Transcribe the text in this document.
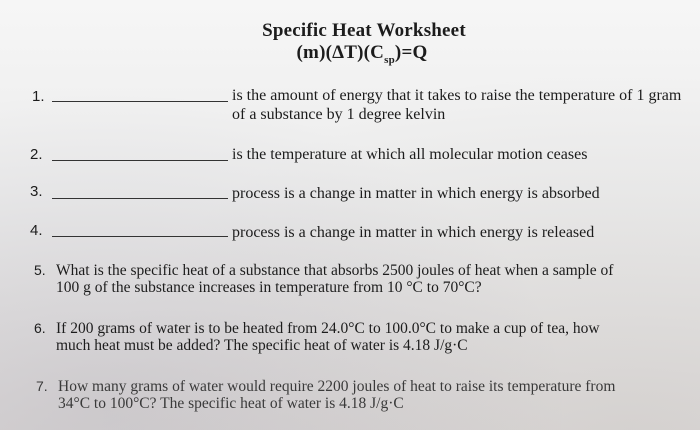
Specific Heat Worksheet
$(m)(\Delta T)(C_{sp})=Q$
1.	is the amount of energy that it takes to raise the temperature of 1 gram of a substance by 1 degree kelvin
2.	is the temperature at which all molecular motion ceases
3.	process is a change in matter in which energy is absorbed
4.	process is a change in matter in which energy is released
5. What is the specific heat of a substance that absorbs 2500 joules of heat when a sample of
100 g of the substance increases in temperature from 10 °C to 70°C?
6. If 200 grams of water is to be heated from 24.0°C to 100.0°C to make a cup of tea, how
much heat must be added? The specific heat of water is 4.18 J/g·C
7. How many grams of water would require 2200 joules of heat to raise its temperature from
34°C to 100°C? The specific heat of water is 4.18 J/g·C
